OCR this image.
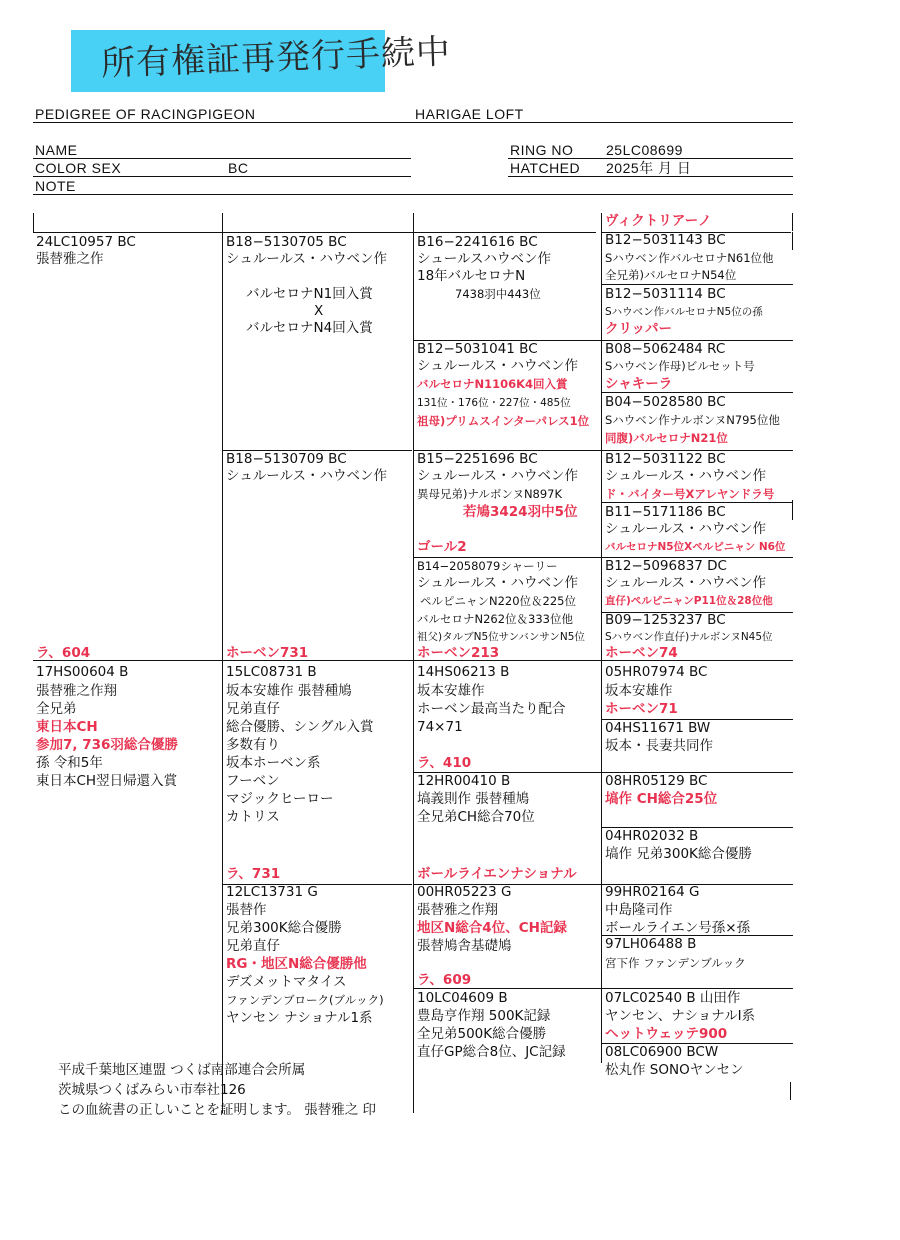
所有権証再発行手続中
PEDIGREE OF RACINGPIGEON	HARIGAE LOFT
NAME
COLOR SEX	BC
NOTE
RING NO 25LC08699
HATCHED 2025年 月 日
24LC10957 BC
張替雅之作
ラ、604
17HS00604 B
張替雅之作翔
全兄弟
東日本CH
参加7, 736羽総合優勝
孫 令和5年
東日本CH翌日帰還入賞
B18−5130705 BC
シュルールス・ハウベン作
バルセロナN1回入賞
X
バルセロナN4回入賞
B18−5130709 BC
シュルールス・ハウベン作
ホーベン731
15LC08731 B
坂本安雄作 張替種鳩
兄弟直仔
総合優勝、シングル入賞
多数有り
坂本ホーベン系
フーベン
マジックヒーロー
カトリス
ラ、731
12LC13731 G
張替作
兄弟300K総合優勝
兄弟直仔
RG・地区N総合優勝他
デズメットマタイス
ファンデンブローク(ブルック)
ヤンセン ナショナル1系
B16−2241616 BC
シュールスハウベン作
18年バルセロナN
7438羽中443位
B12−5031041 BC
シュルールス・ハウベン作
バルセロナN1106K4回入賞
131位・176位・227位・485位
祖母)プリムスインターパレス1位
B15−2251696 BC
シュルールス・ハウベン作
異母兄弟)ナルボンヌN897K
若鳩3424羽中5位
ゴール2
B14−2058079シャーリー
シュルールス・ハウベン作
ペルピニャンN220位＆225位
バルセロナN262位＆333位他
祖父)タルブN5位サンバンサンN5位
ホーベン213
14HS06213 B
坂本安雄作
ホーベン最高当たり配合
74×71
ラ、410
12HR00410 B
塙義則作 張替種鳩
全兄弟CH総合70位
ボールライエンナショナル
00HR05223 G
張替雅之作翔
地区N総合4位、CH記録
張替鳩舎基礎鳩
ラ、609
10LC04609 B
豊島亨作翔 500K記録
全兄弟500K総合優勝
直仔GP総合8位、JC記録
ヴィクトリアーノ
B12−5031143 BC
Sハウベン作バルセロナN61位他
全兄弟)バルセロナN54位
B12−5031114 BC
Sハウベン作バルセロナN5位の孫
クリッパー
B08−5062484 RC
Sハウベン作母)ビルセット号
シャキーラ
B04−5028580 BC
Sハウベン作ナルボンヌN795位他
同腹)バルセロナN21位
B12−5031122 BC
シュルールス・ハウベン作
ド・バイター号Xアレヤンドラ号
B11−5171186 BC
シュルールス・ハウベン作
バルセロナN5位Xペルピニャン N6位
B12−5096837 DC
シュルールス・ハウベン作
直仔)ペルピニャンP11位＆28位他
B09−1253237 BC
Sハウベン作直仔)ナルボンヌN45位
ホーベン74
05HR07974 BC
坂本安雄作
ホーベン71
04HS11671 BW
坂本・長妻共同作
08HR05129 BC
塙作 CH総合25位
04HR02032 B
塙作 兄弟300K総合優勝
99HR02164 G
中島隆司作
ボールライエン号孫×孫
97LH06488 B
宮下作 ファンデンブルック
07LC02540 B 山田作
ヤンセン、ナショナルⅠ系
ヘットウェッテ900
08LC06900 BCW
松丸作 SONOヤンセン
平成千葉地区連盟 つくば南部連合会所属
茨城県つくばみらい市奉社126
この血統書の正しいことを証明します。 張替雅之 印
